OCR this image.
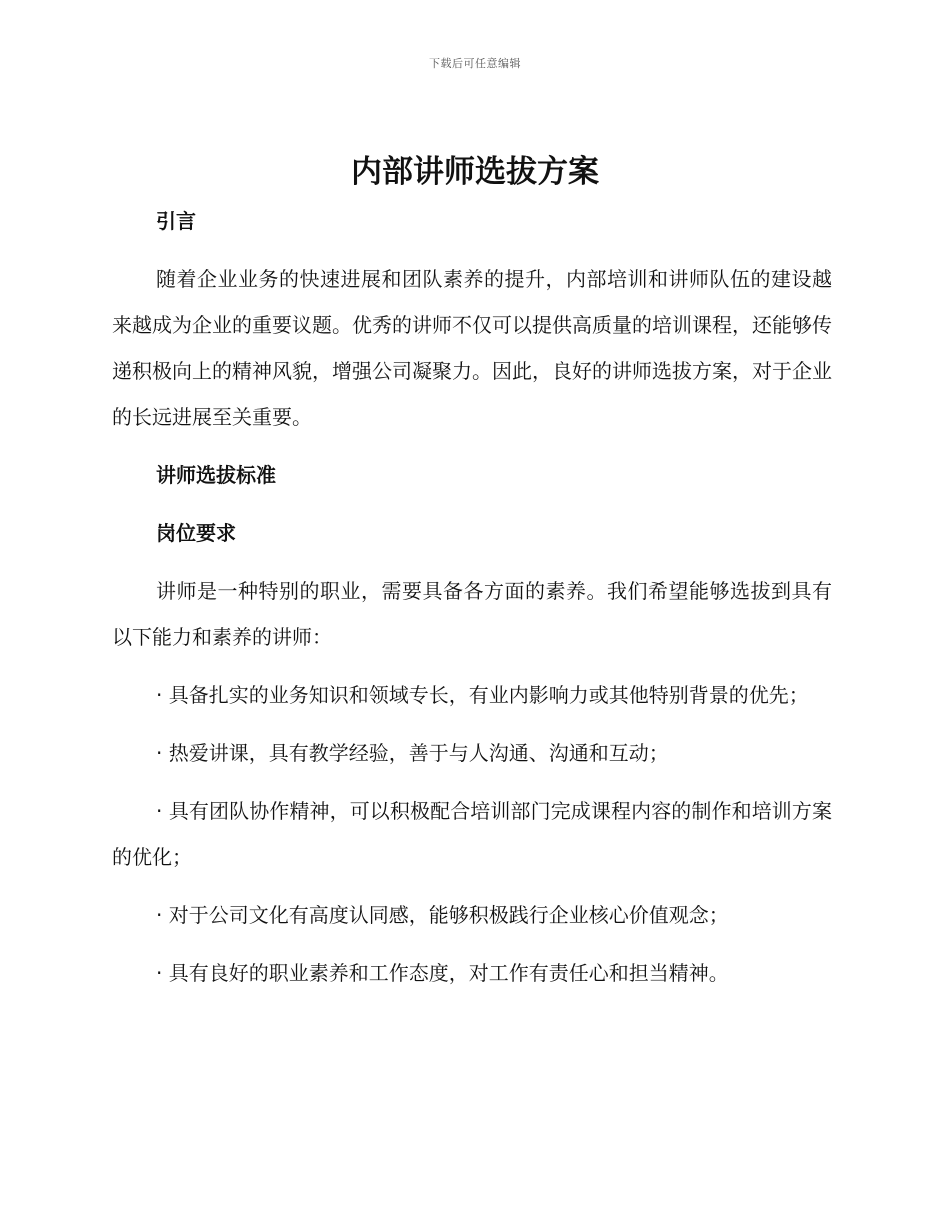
下载后可任意编辑
内部讲师选拔方案

引言

随着企业业务的快速进展和团队素养的提升，内部培训和讲师队伍的建设越来越成为企业的重要议题。优秀的讲师不仅可以提供高质量的培训课程，还能够传递积极向上的精神风貌，增强公司凝聚力。因此，良好的讲师选拔方案，对于企业的长远进展至关重要。

讲师选拔标准

岗位要求

讲师是一种特别的职业，需要具备各方面的素养。我们希望能够选拔到具有以下能力和素养的讲师：

· 具备扎实的业务知识和领域专长，有业内影响力或其他特别背景的优先；

· 热爱讲课，具有教学经验，善于与人沟通、沟通和互动；

· 具有团队协作精神，可以积极配合培训部门完成课程内容的制作和培训方案的优化；

· 对于公司文化有高度认同感，能够积极践行企业核心价值观念；

· 具有良好的职业素养和工作态度，对工作有责任心和担当精神。
